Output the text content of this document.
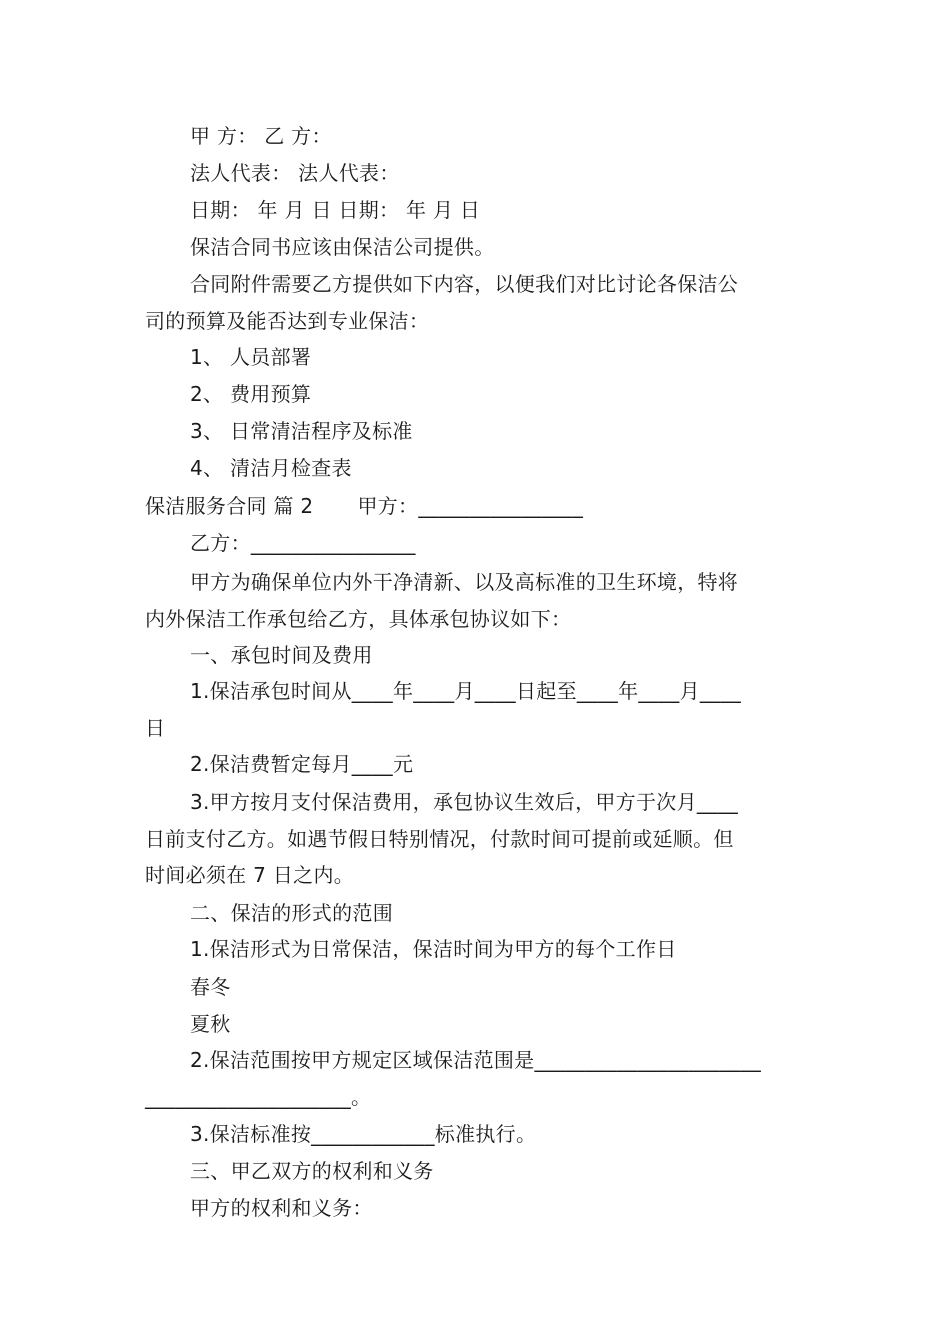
甲 方： 乙 方：
法人代表： 法人代表：
日期： 年 月 日 日期： 年 月 日
保洁合同书应该由保洁公司提供。
合同附件需要乙方提供如下内容，以便我们对比讨论各保洁公
司的预算及能否达到专业保洁：
1、 人员部署
2、 费用预算
3、 日常清洁程序及标准
4、 清洁月检查表
保洁服务合同 篇 2 甲方：________________
乙方：________________
甲方为确保单位内外干净清新、以及高标准的卫生环境，特将
内外保洁工作承包给乙方，具体承包协议如下：
一、承包时间及费用
1.保洁承包时间从____年____月____日起至____年____月____
日
2.保洁费暂定每月____元
3.甲方按月支付保洁费用，承包协议生效后，甲方于次月____
日前支付乙方。如遇节假日特别情况，付款时间可提前或延顺。但
时间必须在 7 日之内。
二、保洁的形式的范围
1.保洁形式为日常保洁，保洁时间为甲方的每个工作日
春冬
夏秋
2.保洁范围按甲方规定区域保洁范围是______________________
____________________。
3.保洁标准按____________标准执行。
三、甲乙双方的权利和义务
甲方的权利和义务：
